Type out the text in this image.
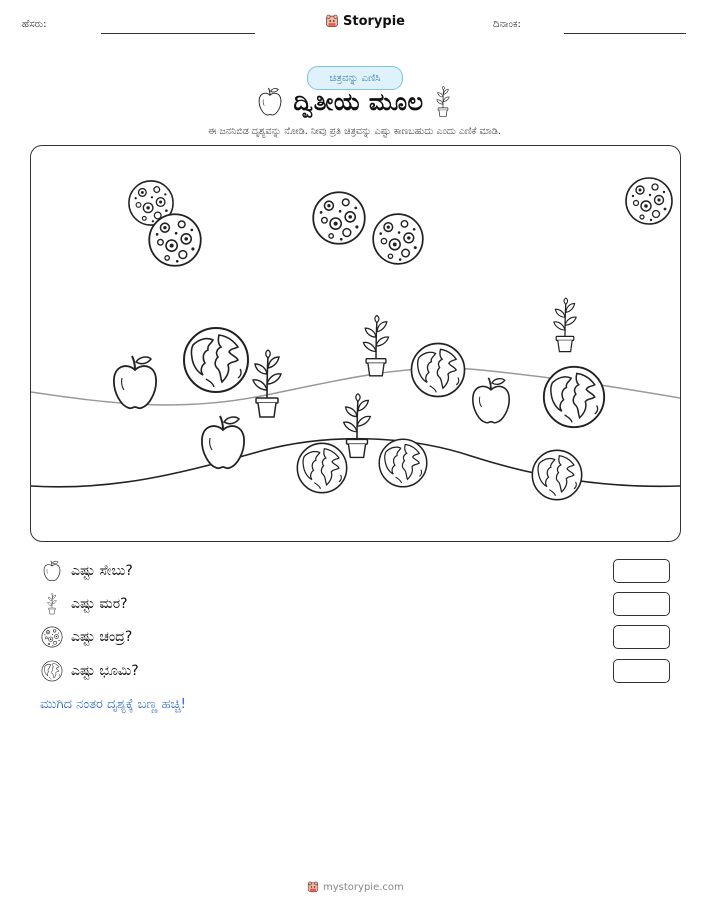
ಹೆಸರು:	Storypie	ದಿನಾಂಕ:
ಚಿತ್ರವನ್ನು ಎಣಿಸಿ
ದ್ವಿತೀಯ ಮೂಲ
ಈ ಜನನಿಬಿಡ ದೃಶ್ಯವನ್ನು ನೋಡಿ. ನೀವು ಪ್ರತಿ ಚಿತ್ರವನ್ನು ಎಷ್ಟು ಕಾಣಬಹುದು ಎಂದು ಎಣಿಕೆ ಮಾಡಿ.
ಎಷ್ಟು ಸೇಬು?
ಎಷ್ಟು ಮರ?
ಎಷ್ಟು ಚಂದ್ರ?
ಎಷ್ಟು ಭೂಮಿ?
ಮುಗಿದ ನಂತರ ದೃಶ್ಯಕ್ಕೆ ಬಣ್ಣ ಹಚ್ಚಿ!
mystorypie.com
